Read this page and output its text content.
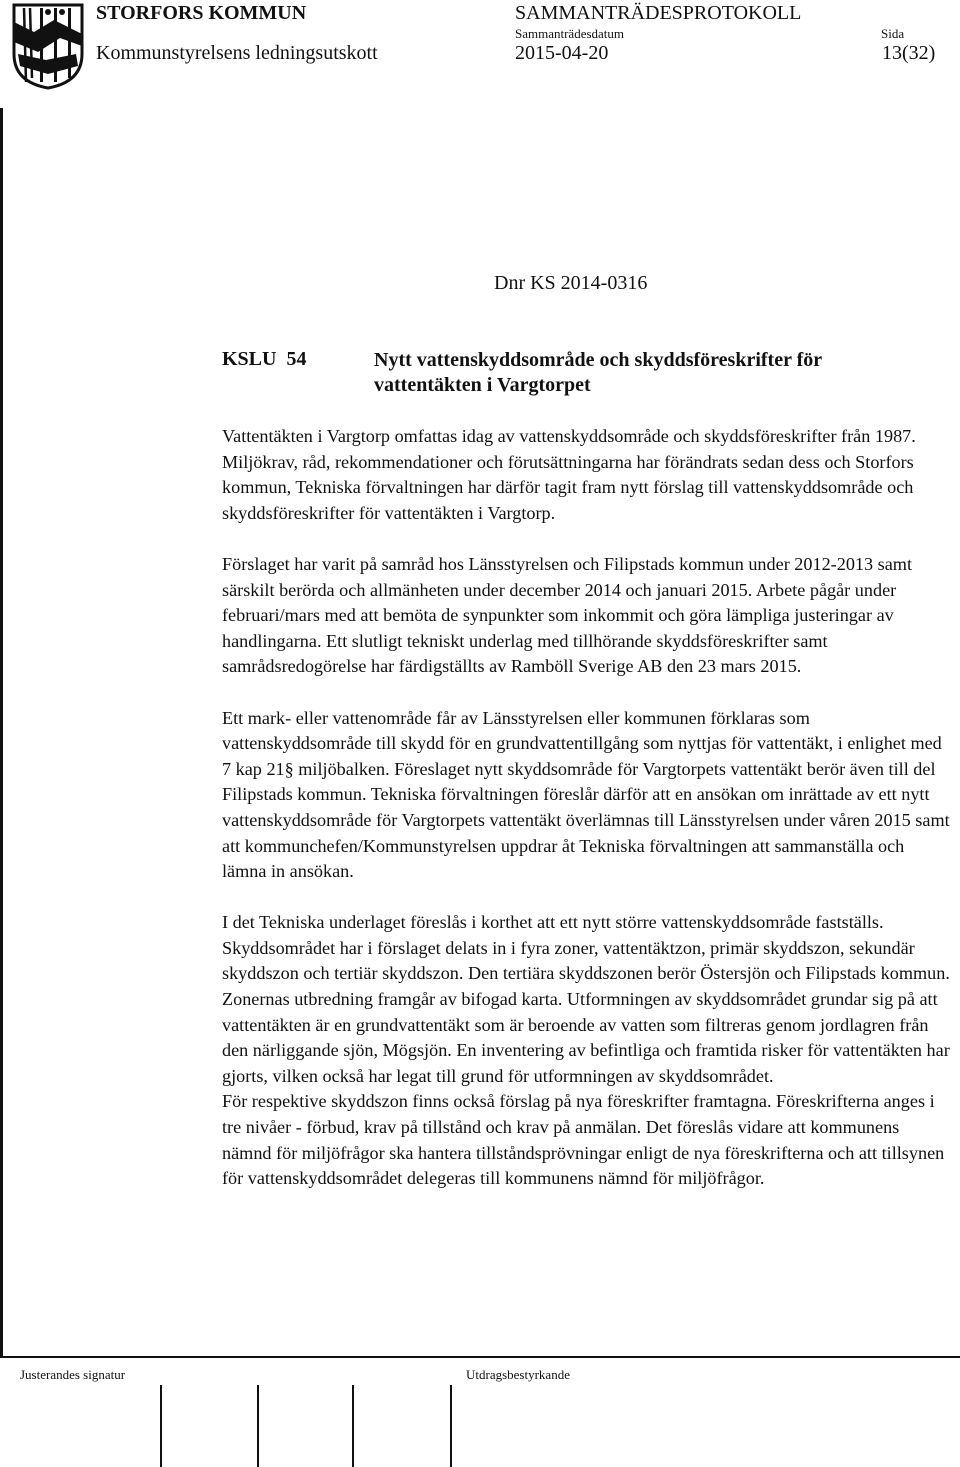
STORFORS KOMMUN	SAMMANTRÄDESPROTOKOLL
Sammanträdesdatum	Sida
Kommunstyrelsens ledningsutskott	2015-04-20	13(32)
Dnr KS 2014-0316
KSLU  54	Nytt vattenskyddsområde och skyddsföreskrifter för vattentäkten i Vargtorpet

Vattentäkten i Vargtorp omfattas idag av vattenskyddsområde och skyddsföreskrifter från 1987. Miljökrav, råd, rekommendationer och förutsättningarna har förändrats sedan dess och Storfors kommun, Tekniska förvaltningen har därför tagit fram nytt förslag till vattenskyddsområde och skyddsföreskrifter för vattentäkten i Vargtorp.

Förslaget har varit på samråd hos Länsstyrelsen och Filipstads kommun under 2012-2013 samt särskilt berörda och allmänheten under december 2014 och januari 2015. Arbete pågår under februari/mars med att bemöta de synpunkter som inkommit och göra lämpliga justeringar av handlingarna. Ett slutligt tekniskt underlag med tillhörande skyddsföreskrifter samt samrådsredogörelse har färdigställts av Ramböll Sverige AB den 23 mars 2015.

Ett mark- eller vattenområde får av Länsstyrelsen eller kommunen förklaras som vattenskyddsområde till skydd för en grundvattentillgång som nyttjas för vattentäkt, i enlighet med 7 kap 21§ miljöbalken. Föreslaget nytt skyddsområde för Vargtorpets vattentäkt berör även till del Filipstads kommun. Tekniska förvaltningen föreslår därför att en ansökan om inrättade av ett nytt vattenskyddsområde för Vargtorpets vattentäkt överlämnas till Länsstyrelsen under våren 2015 samt att kommunchefen/Kommunstyrelsen uppdrar åt Tekniska förvaltningen att sammanställa och lämna in ansökan.

I det Tekniska underlaget föreslås i korthet att ett nytt större vattenskyddsområde fastställs. Skyddsområdet har i förslaget delats in i fyra zoner, vattentäktzon, primär skyddszon, sekundär skyddszon och tertiär skyddszon. Den tertiära skyddszonen berör Östersjön och Filipstads kommun. Zonernas utbredning framgår av bifogad karta. Utformningen av skyddsområdet grundar sig på att vattentäkten är en grundvattentäkt som är beroende av vatten som filtreras genom jordlagren från den närliggande sjön, Mögsjön. En inventering av befintliga och framtida risker för vattentäkten har gjorts, vilken också har legat till grund för utformningen av skyddsområdet.

För respektive skyddszon finns också förslag på nya föreskrifter framtagna. Föreskrifterna anges i tre nivåer - förbud, krav på tillstånd och krav på anmälan. Det föreslås vidare att kommunens nämnd för miljöfrågor ska hantera tillståndsprövningar enligt de nya föreskrifterna och att tillsynen för vattenskyddsområdet delegeras till kommunens nämnd för miljöfrågor.

Justerandes signatur	Utdragsbestyrkande
